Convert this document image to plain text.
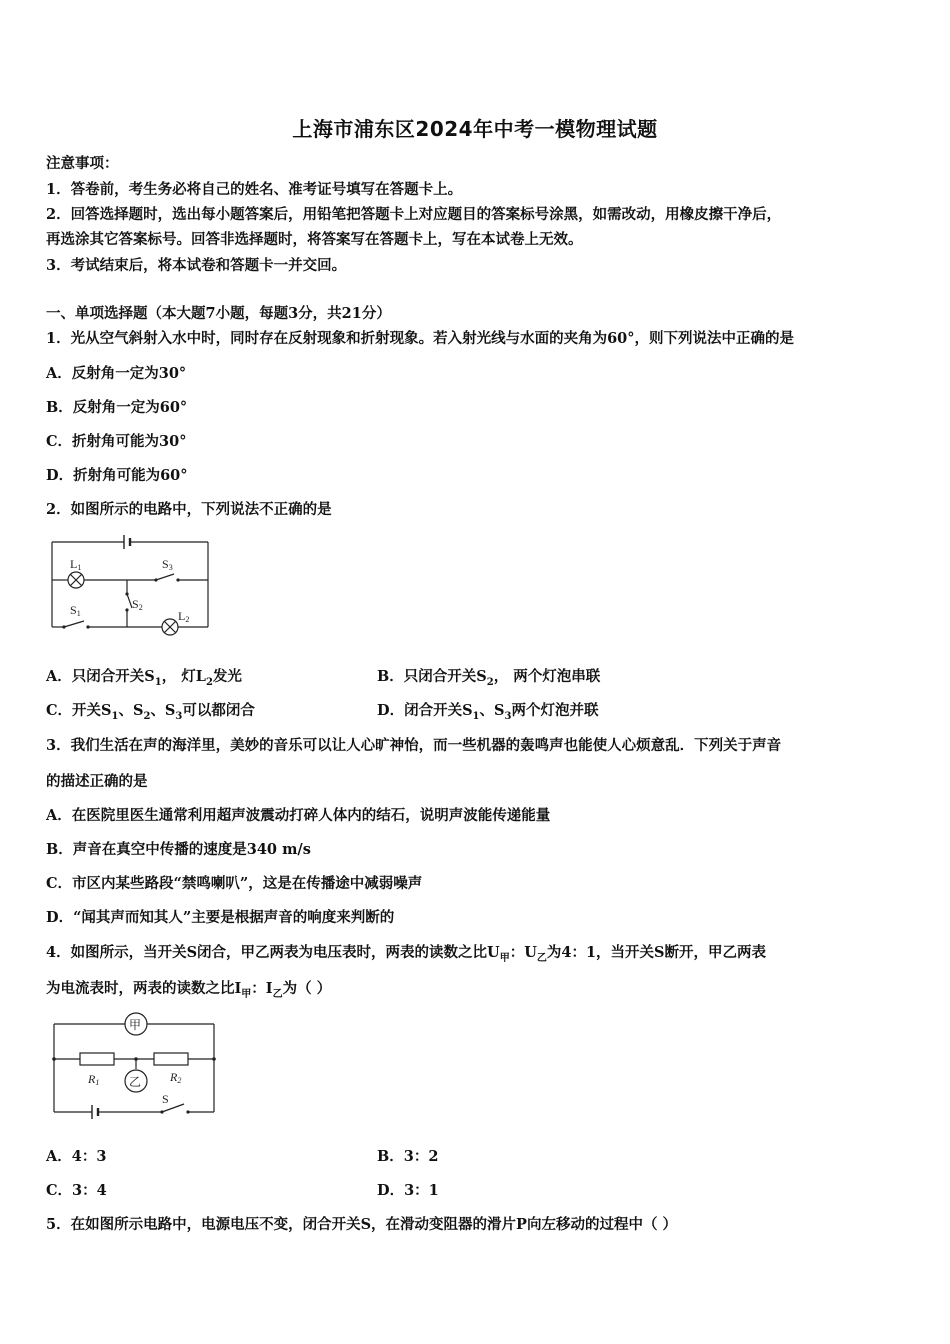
上海市浦东区2024年中考一模物理试题
注意事项：
1．答卷前，考生务必将自己的姓名、准考证号填写在答题卡上。
2．回答选择题时，选出每小题答案后，用铅笔把答题卡上对应题目的答案标号涂黑，如需改动，用橡皮擦干净后，
再选涂其它答案标号。回答非选择题时，将答案写在答题卡上，写在本试卷上无效。
3．考试结束后，将本试卷和答题卡一并交回。
一、单项选择题（本大题7小题，每题3分，共21分）
1．光从空气斜射入水中时，同时存在反射现象和折射现象。若入射光线与水面的夹角为60°，则下列说法中正确的是
A．反射角一定为30°
B．反射角一定为60°
C．折射角可能为30°
D．折射角可能为60°
2．如图所示的电路中，下列说法不正确的是
L1	S3
S1
S2
L2
A．只闭合开关$S_1$， 灯$L_2$发光	B．只闭合开关$S_2$， 两个灯泡串联
C．开关$S_1$、$S_2$、$S_3$可以都闭合	D．闭合开关$S_1$、$S_3$两个灯泡并联
3．我们生活在声的海洋里，美妙的音乐可以让人心旷神怡，而一些机器的轰鸣声也能使人心烦意乱．下列关于声音
的描述正确的是
A．在医院里医生通常利用超声波震动打碎人体内的结石，说明声波能传递能量
B．声音在真空中传播的速度是340 m/s
C．市区内某些路段“禁鸣喇叭”，这是在传播途中减弱噪声
D．“闻其声而知其人”主要是根据声音的响度来判断的
4．如图所示，当开关S闭合，甲乙两表为电压表时，两表的读数之比$U_甲$：$U_乙$为4：1，当开关S断开，甲乙两表
为电流表时，两表的读数之比$I_甲$：$I_乙$为（ ）
甲
乙
R1	R2
S
A．4：3	B．3：2
C．3：4	D．3：1
5．在如图所示电路中，电源电压不变，闭合开关S，在滑动变阻器的滑片P向左移动的过程中（ ）
